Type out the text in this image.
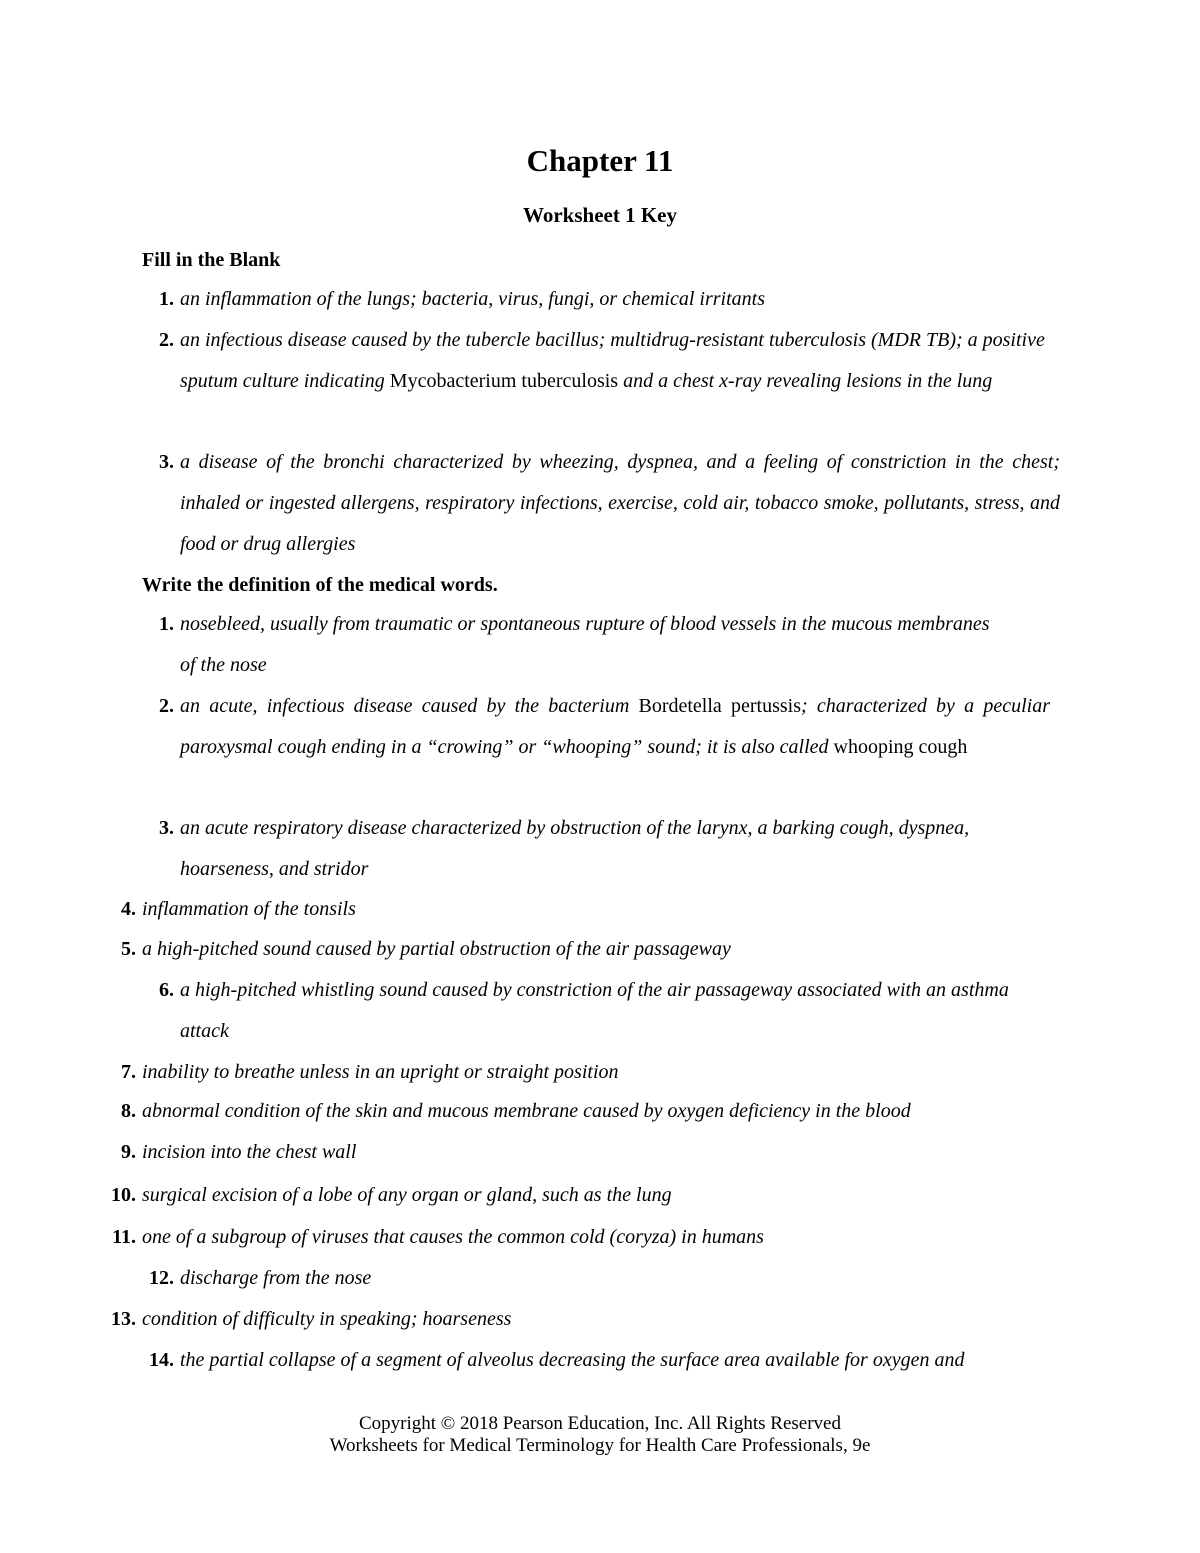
Chapter 11
Worksheet 1 Key
Fill in the Blank
1. an inflammation of the lungs; bacteria, virus, fungi, or chemical irritants
2. an infectious disease caused by the tubercle bacillus; multidrug-resistant tuberculosis (MDR TB); a positive sputum culture indicating Mycobacterium tuberculosis and a chest x-ray revealing lesions in the lung
3. a disease of the bronchi characterized by wheezing, dyspnea, and a feeling of constriction in the chest; inhaled or ingested allergens, respiratory infections, exercise, cold air, tobacco smoke, pollutants, stress, and food or drug allergies
Write the definition of the medical words.
1. nosebleed, usually from traumatic or spontaneous rupture of blood vessels in the mucous membranes of the nose
2. an acute, infectious disease caused by the bacterium Bordetella pertussis; characterized by a peculiar paroxysmal cough ending in a “crowing” or “whooping” sound; it is also called whooping cough
3. an acute respiratory disease characterized by obstruction of the larynx, a barking cough, dyspnea, hoarseness, and stridor
4. inflammation of the tonsils
5. a high-pitched sound caused by partial obstruction of the air passageway
6. a high-pitched whistling sound caused by constriction of the air passageway associated with an asthma attack
7. inability to breathe unless in an upright or straight position
8. abnormal condition of the skin and mucous membrane caused by oxygen deficiency in the blood
9. incision into the chest wall
10. surgical excision of a lobe of any organ or gland, such as the lung
11. one of a subgroup of viruses that causes the common cold (coryza) in humans
12. discharge from the nose
13. condition of difficulty in speaking; hoarseness
14. the partial collapse of a segment of alveolus decreasing the surface area available for oxygen and
Copyright © 2018 Pearson Education, Inc. All Rights Reserved
Worksheets for Medical Terminology for Health Care Professionals, 9e
